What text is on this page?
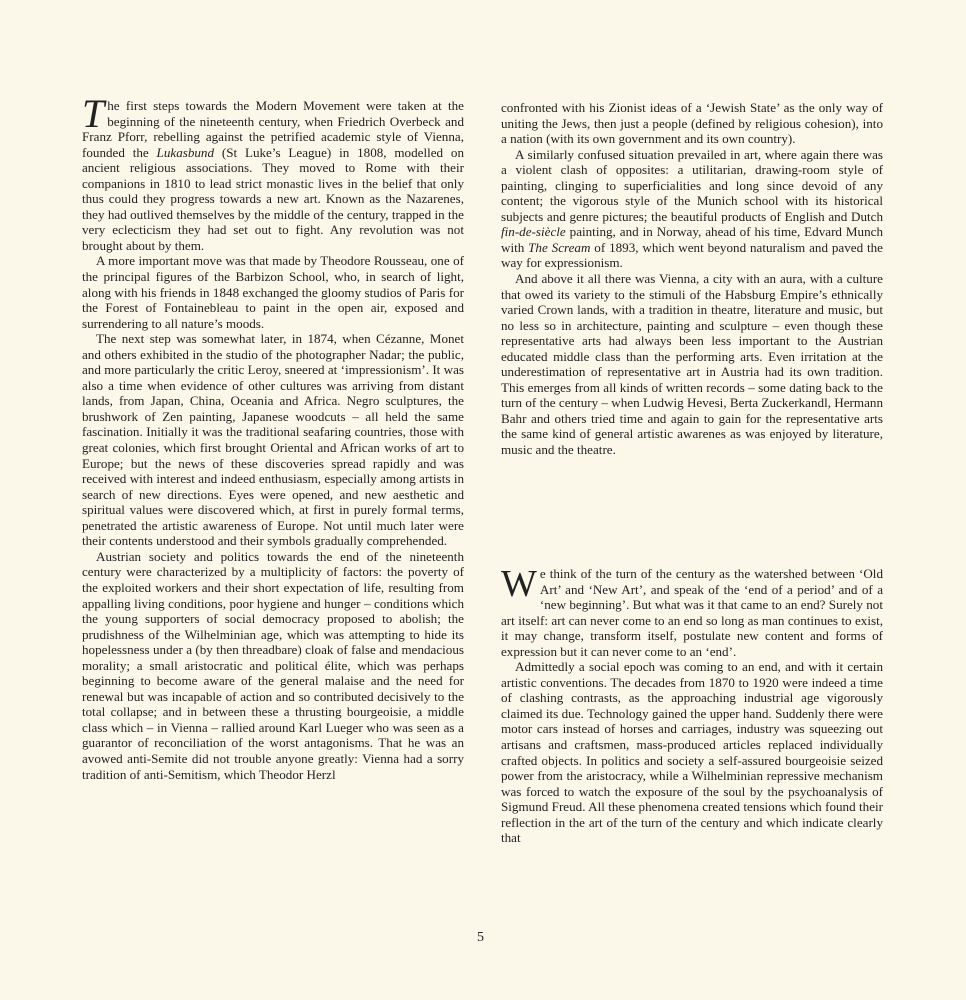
The first steps towards the Modern Movement were taken at the beginning of the nineteenth century, when Friedrich Overbeck and Franz Pforr, rebelling against the petrified academic style of Vienna, founded the Lukasbund (St Luke’s League) in 1808, modelled on ancient religious associations. They moved to Rome with their companions in 1810 to lead strict monastic lives in the belief that only thus could they progress towards a new art. Known as the Nazarenes, they had outlived themselves by the middle of the century, trapped in the very eclecticism they had set out to fight. Any revolution was not brought about by them.

A more important move was that made by Theodore Rousseau, one of the principal figures of the Barbizon School, who, in search of light, along with his friends in 1848 exchanged the gloomy studios of Paris for the Forest of Fontainebleau to paint in the open air, exposed and surrendering to all nature’s moods.

The next step was somewhat later, in 1874, when Cézanne, Monet and others exhibited in the studio of the photographer Nadar; the public, and more particularly the critic Leroy, sneered at ‘impressionism’. It was also a time when evidence of other cultures was arriving from distant lands, from Japan, China, Oceania and Africa. Negro sculptures, the brushwork of Zen painting, Japanese woodcuts – all held the same fascination. Initially it was the traditional seafaring countries, those with great colonies, which first brought Oriental and African works of art to Europe; but the news of these discoveries spread rapidly and was received with interest and indeed enthusiasm, especially among artists in search of new directions. Eyes were opened, and new aesthetic and spiritual values were discovered which, at first in purely formal terms, penetrated the artistic awareness of Europe. Not until much later were their contents understood and their symbols gradually comprehended.

Austrian society and politics towards the end of the nineteenth century were characterized by a multiplicity of factors: the poverty of the exploited workers and their short expectation of life, resulting from appalling living conditions, poor hygiene and hunger – conditions which the young supporters of social democracy proposed to abolish; the prudishness of the Wilhelminian age, which was attempting to hide its hopelessness under a (by then threadbare) cloak of false and mendacious morality; a small aristocratic and political élite, which was perhaps beginning to become aware of the general malaise and the need for renewal but was incapable of action and so contributed decisively to the total collapse; and in between these a thrusting bourgeoisie, a middle class which – in Vienna – rallied around Karl Lueger who was seen as a guarantor of reconciliation of the worst antagonisms. That he was an avowed anti-Semite did not trouble anyone greatly: Vienna had a sorry tradition of anti-Semitism, which Theodor Herzl

confronted with his Zionist ideas of a ‘Jewish State’ as the only way of uniting the Jews, then just a people (defined by religious cohesion), into a nation (with its own government and its own country).

A similarly confused situation prevailed in art, where again there was a violent clash of opposites: a utilitarian, drawing-room style of painting, clinging to superficialities and long since devoid of any content; the vigorous style of the Munich school with its historical subjects and genre pictures; the beautiful products of English and Dutch fin-de-siècle painting, and in Norway, ahead of his time, Edvard Munch with The Scream of 1893, which went beyond naturalism and paved the way for expressionism.

And above it all there was Vienna, a city with an aura, with a culture that owed its variety to the stimuli of the Habsburg Empire’s ethnically varied Crown lands, with a tradition in theatre, literature and music, but no less so in architecture, painting and sculpture – even though these representative arts had always been less important to the Austrian educated middle class than the performing arts. Even irritation at the underestimation of representative art in Austria had its own tradition. This emerges from all kinds of written records – some dating back to the turn of the century – when Ludwig Hevesi, Berta Zuckerkandl, Hermann Bahr and others tried time and again to gain for the representative arts the same kind of general artistic awarenes as was enjoyed by literature, music and the theatre.

We think of the turn of the century as the watershed between ‘Old Art’ and ‘New Art’, and speak of the ‘end of a period’ and of a ‘new beginning’. But what was it that came to an end? Surely not art itself: art can never come to an end so long as man continues to exist, it may change, transform itself, postulate new content and forms of expression but it can never come to an ‘end’.

Admittedly a social epoch was coming to an end, and with it certain artistic conventions. The decades from 1870 to 1920 were indeed a time of clashing contrasts, as the approaching industrial age vigorously claimed its due. Technology gained the upper hand. Suddenly there were motor cars instead of horses and carriages, industry was squeezing out artisans and craftsmen, mass-produced articles replaced individually crafted objects. In politics and society a self-assured bourgeoisie seized power from the aristocracy, while a Wilhelminian repressive mechanism was forced to watch the exposure of the soul by the psychoanalysis of Sigmund Freud. All these phenomena created tensions which found their reflection in the art of the turn of the century and which indicate clearly that

5
